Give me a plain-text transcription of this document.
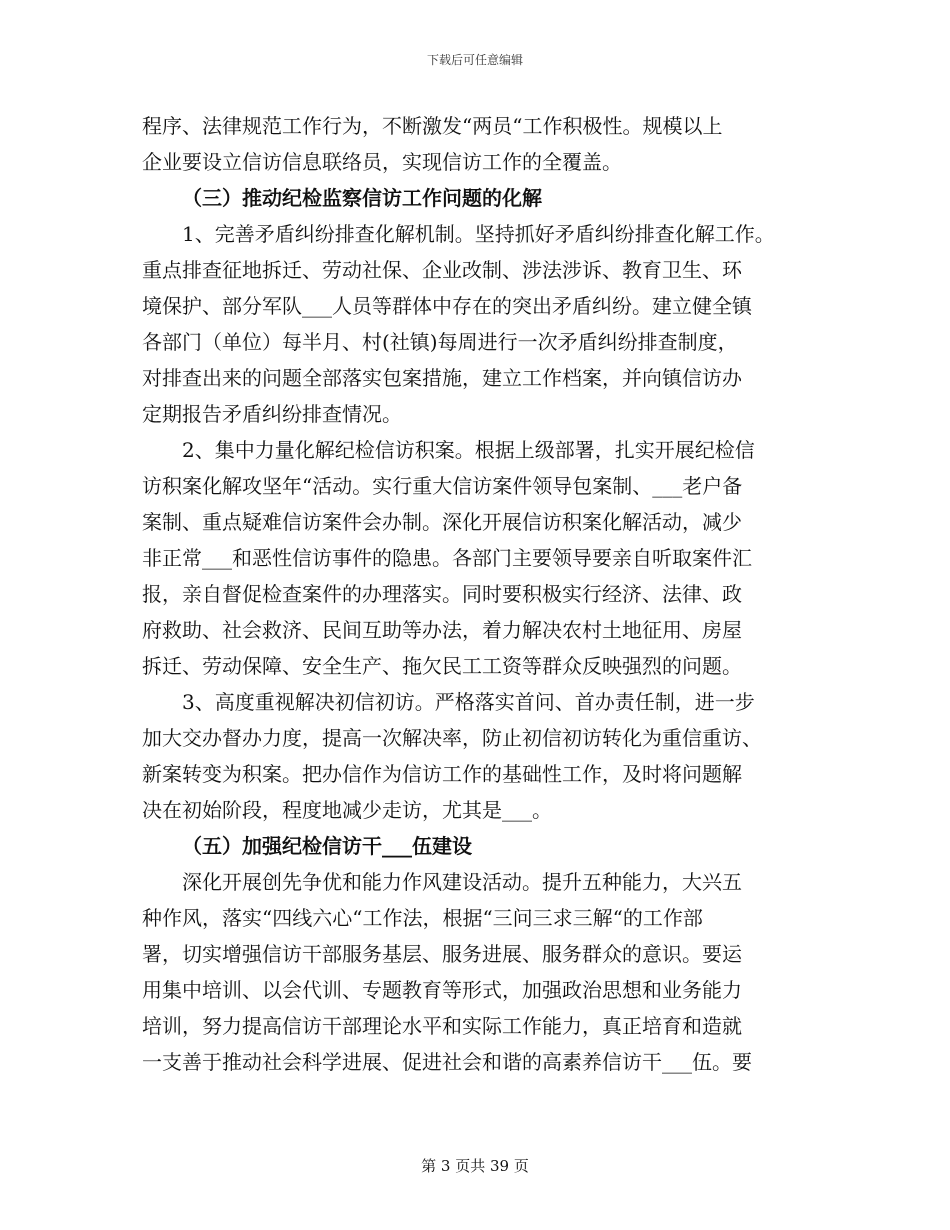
下载后可任意编辑
程序、法律规范工作行为，不断激发“两员“工作积极性。规模以上
企业要设立信访信息联络员，实现信访工作的全覆盖。
（三）推动纪检监察信访工作问题的化解
1、完善矛盾纠纷排查化解机制。坚持抓好矛盾纠纷排查化解工作。
重点排查征地拆迁、劳动社保、企业改制、涉法涉诉、教育卫生、环
境保护、部分军队___人员等群体中存在的突出矛盾纠纷。建立健全镇
各部门（单位）每半月、村(社镇)每周进行一次矛盾纠纷排查制度，
对排查出来的问题全部落实包案措施，建立工作档案，并向镇信访办
定期报告矛盾纠纷排查情况。
2、集中力量化解纪检信访积案。根据上级部署，扎实开展纪检信
访积案化解攻坚年“活动。实行重大信访案件领导包案制、___老户备
案制、重点疑难信访案件会办制。深化开展信访积案化解活动，减少
非正常___和恶性信访事件的隐患。各部门主要领导要亲自听取案件汇
报，亲自督促检查案件的办理落实。同时要积极实行经济、法律、政
府救助、社会救济、民间互助等办法，着力解决农村土地征用、房屋
拆迁、劳动保障、安全生产、拖欠民工工资等群众反映强烈的问题。
3、高度重视解决初信初访。严格落实首问、首办责任制，进一步
加大交办督办力度，提高一次解决率，防止初信初访转化为重信重访、
新案转变为积案。把办信作为信访工作的基础性工作，及时将问题解
决在初始阶段，程度地减少走访，尤其是___。
（五）加强纪检信访干___伍建设
深化开展创先争优和能力作风建设活动。提升五种能力，大兴五
种作风，落实“四线六心“工作法，根据“三问三求三解“的工作部
署，切实增强信访干部服务基层、服务进展、服务群众的意识。要运
用集中培训、以会代训、专题教育等形式，加强政治思想和业务能力
培训，努力提高信访干部理论水平和实际工作能力，真正培育和造就
一支善于推动社会科学进展、促进社会和谐的高素养信访干___伍。要
第 3 页共 39 页
